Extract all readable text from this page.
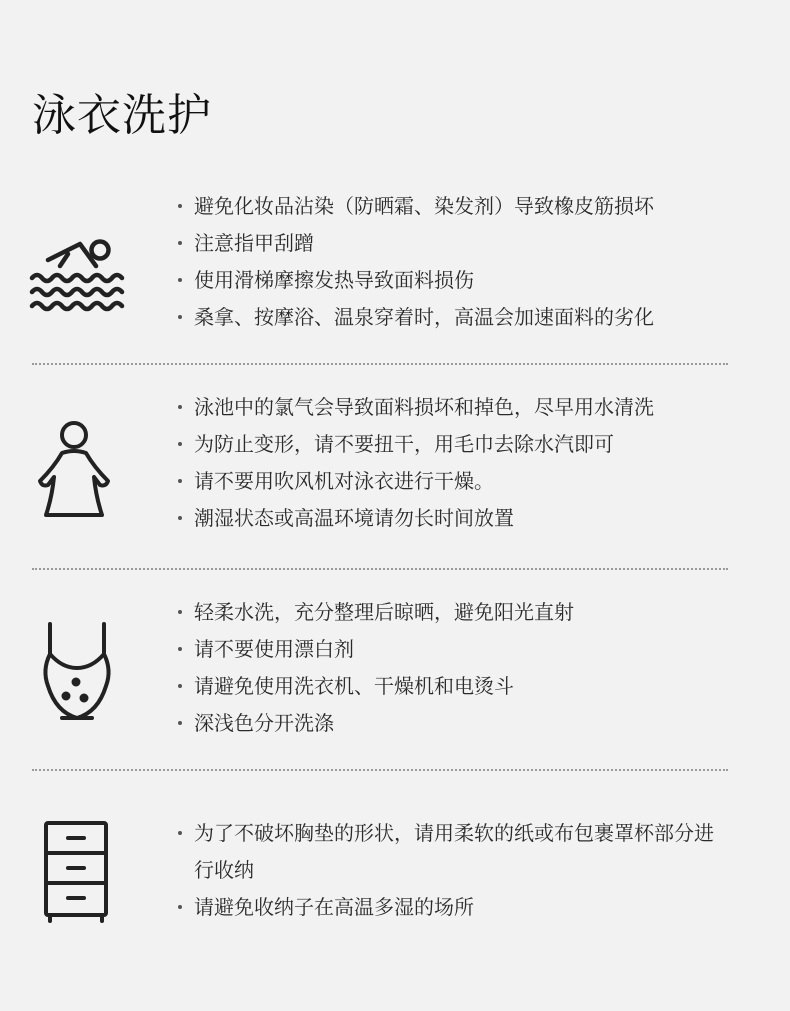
泳衣洗护
避免化妆品沾染（防晒霜、染发剂）导致橡皮筋损坏
注意指甲刮蹭
使用滑梯摩擦发热导致面料损伤
桑拿、按摩浴、温泉穿着时，高温会加速面料的劣化
泳池中的氯气会导致面料损坏和掉色，尽早用水清洗
为防止变形，请不要扭干，用毛巾去除水汽即可
请不要用吹风机对泳衣进行干燥。
潮湿状态或高温环境请勿长时间放置
轻柔水洗，充分整理后晾晒，避免阳光直射
请不要使用漂白剂
请避免使用洗衣机、干燥机和电烫斗
深浅色分开洗涤
为了不破坏胸垫的形状，请用柔软的纸或布包裹罩杯部分进行收纳
请避免收纳子在高温多湿的场所
